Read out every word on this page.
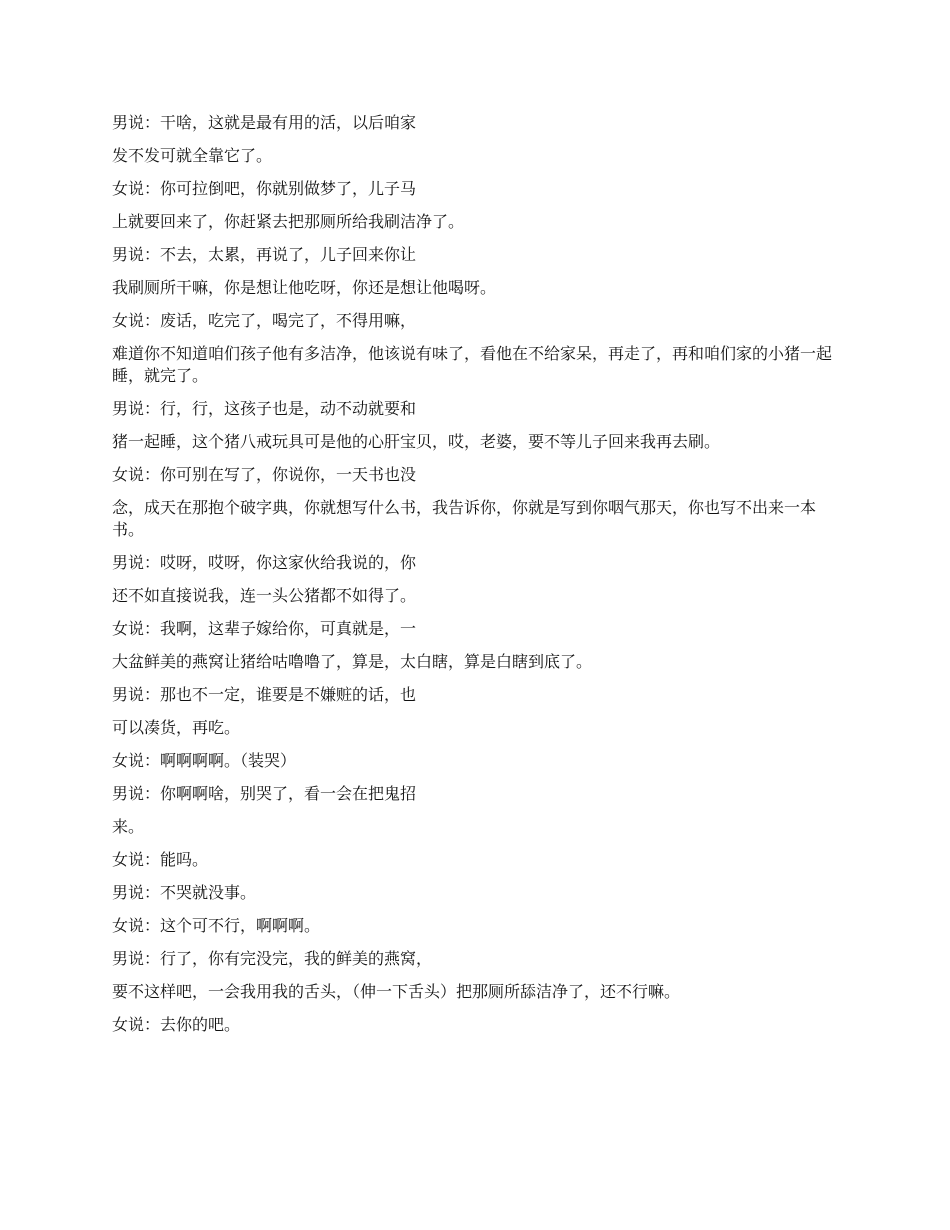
男说：干啥，这就是最有用的活，以后咱家

发不发可就全靠它了。

女说：你可拉倒吧，你就别做梦了，儿子马

上就要回来了，你赶紧去把那厕所给我刷洁净了。

男说：不去，太累，再说了，儿子回来你让

我刷厕所干嘛，你是想让他吃呀，你还是想让他喝呀。

女说：废话，吃完了，喝完了，不得用嘛，

难道你不知道咱们孩子他有多洁净，他该说有味了，看他在不给家呆，再走了，再和咱们家的小猪一起睡，就完了。

男说：行，行，这孩子也是，动不动就要和

猪一起睡，这个猪八戒玩具可是他的心肝宝贝，哎，老婆，要不等儿子回来我再去刷。

女说：你可别在写了，你说你，一天书也没

念，成天在那抱个破字典，你就想写什么书，我告诉你，你就是写到你咽气那天，你也写不出来一本书。

男说：哎呀，哎呀，你这家伙给我说的，你

还不如直接说我，连一头公猪都不如得了。

女说：我啊，这辈子嫁给你，可真就是，一

大盆鲜美的燕窝让猪给咕噜噜了，算是，太白瞎，算是白瞎到底了。

男说：那也不一定，谁要是不嫌赃的话，也

可以凑货，再吃。

女说：啊啊啊啊。（装哭）

男说：你啊啊啥，别哭了，看一会在把鬼招

来。

女说：能吗。

男说：不哭就没事。

女说：这个可不行，啊啊啊。

男说：行了，你有完没完，我的鲜美的燕窝，

要不这样吧，一会我用我的舌头，（伸一下舌头）把那厕所舔洁净了，还不行嘛。

女说：去你的吧。
